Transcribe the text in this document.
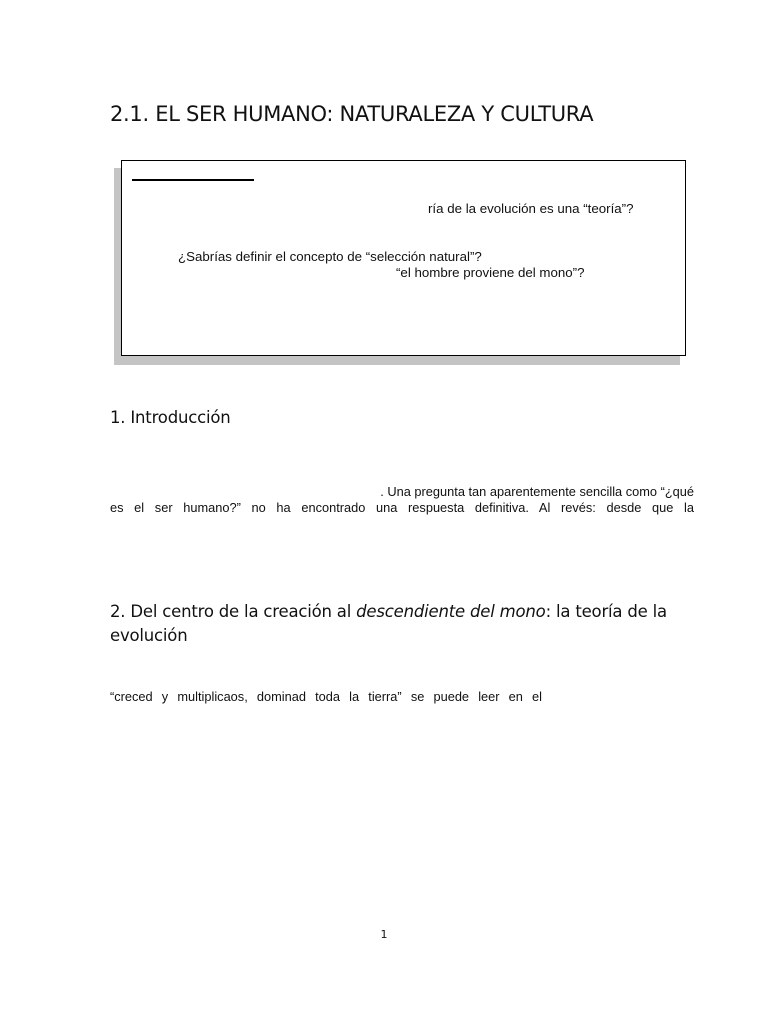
2.1. EL SER HUMANO: NATURALEZA Y CULTURA

ría de la evolución es una “teoría”?

¿Sabrías definir el concepto de “selección natural”?

“el hombre proviene del mono”?

1. Introducción

. Una pregunta tan aparentemente sencilla como “¿qué

es el ser humano?” no ha encontrado una respuesta definitiva. Al revés: desde que la

2. Del centro de la creación al descendiente del mono: la teoría de la evolución

“creced y multiplicaos, dominad toda la tierra” se puede leer en el

1
